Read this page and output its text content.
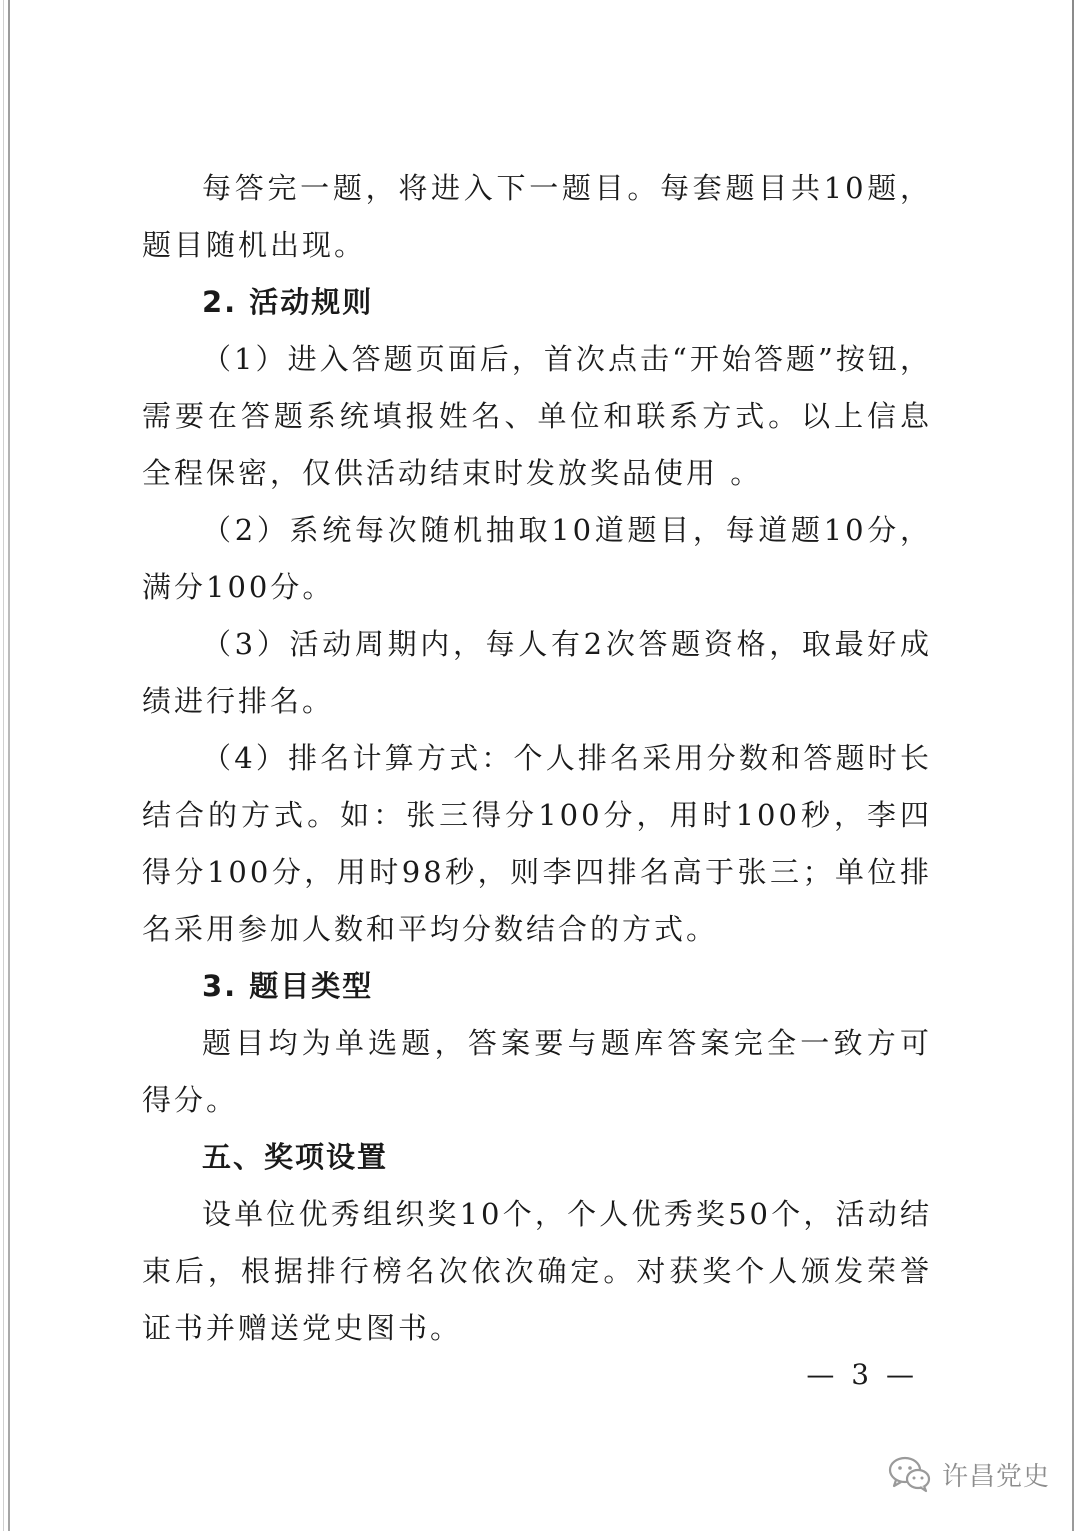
每答完一题，将进入下一题目。每套题目共10题，题目随机出现。

2. 活动规则

（1）进入答题页面后，首次点击“开始答题”按钮，需要在答题系统填报姓名、单位和联系方式。以上信息全程保密，仅供活动结束时发放奖品使用 。

（2）系统每次随机抽取10道题目，每道题10分，满分100分。

（3）活动周期内，每人有2次答题资格，取最好成绩进行排名。

（4）排名计算方式：个人排名采用分数和答题时长结合的方式。如：张三得分100分，用时100秒，李四得分100分，用时98秒，则李四排名高于张三；单位排名采用参加人数和平均分数结合的方式。

3. 题目类型

题目均为单选题，答案要与题库答案完全一致方可得分。

五、奖项设置

设单位优秀组织奖10个，个人优秀奖50个，活动结束后，根据排行榜名次依次确定。对获奖个人颁发荣誉证书并赠送党史图书。

— 3 —
许昌党史
